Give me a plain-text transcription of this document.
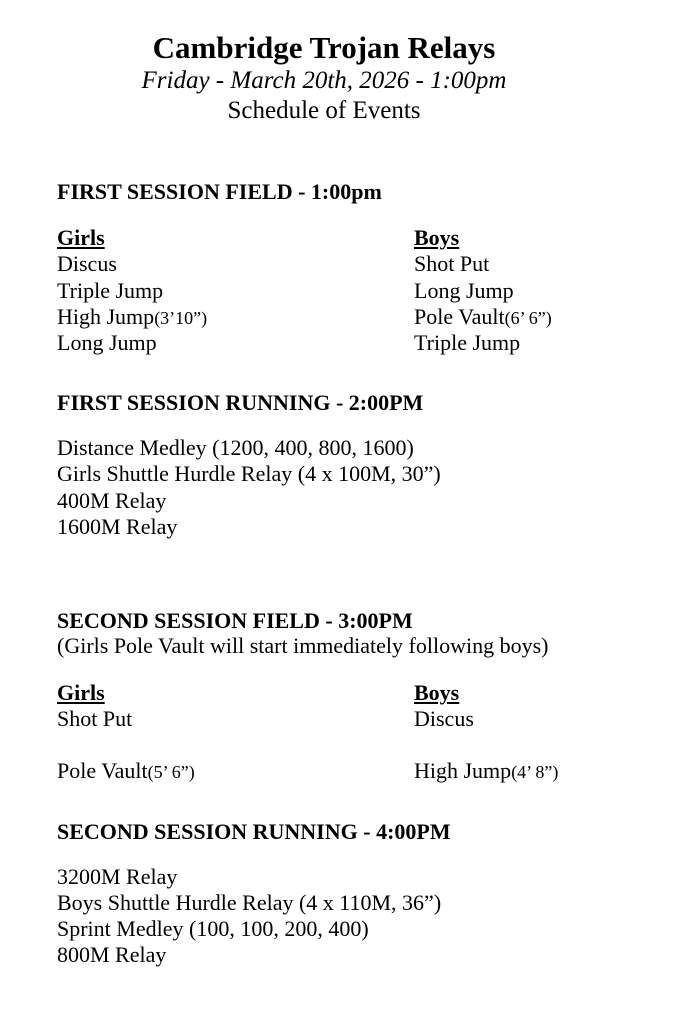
Cambridge Trojan Relays
Friday - March 20th, 2026 - 1:00pm
Schedule of Events
FIRST SESSION FIELD - 1:00pm
Girls
Discus
Triple Jump
High Jump(3’10”)
Long Jump
Boys
Shot Put
Long Jump
Pole Vault(6’ 6”)
Triple Jump
FIRST SESSION RUNNING - 2:00PM
Distance Medley (1200, 400, 800, 1600)
Girls Shuttle Hurdle Relay (4 x 100M, 30”)
400M Relay
1600M Relay
SECOND SESSION FIELD - 3:00PM
(Girls Pole Vault will start immediately following boys)
Girls
Shot Put
Pole Vault(5’ 6”)
Boys
Discus
High Jump(4’ 8”)
SECOND SESSION RUNNING - 4:00PM
3200M Relay
Boys Shuttle Hurdle Relay (4 x 110M, 36”)
Sprint Medley (100, 100, 200, 400)
800M Relay
